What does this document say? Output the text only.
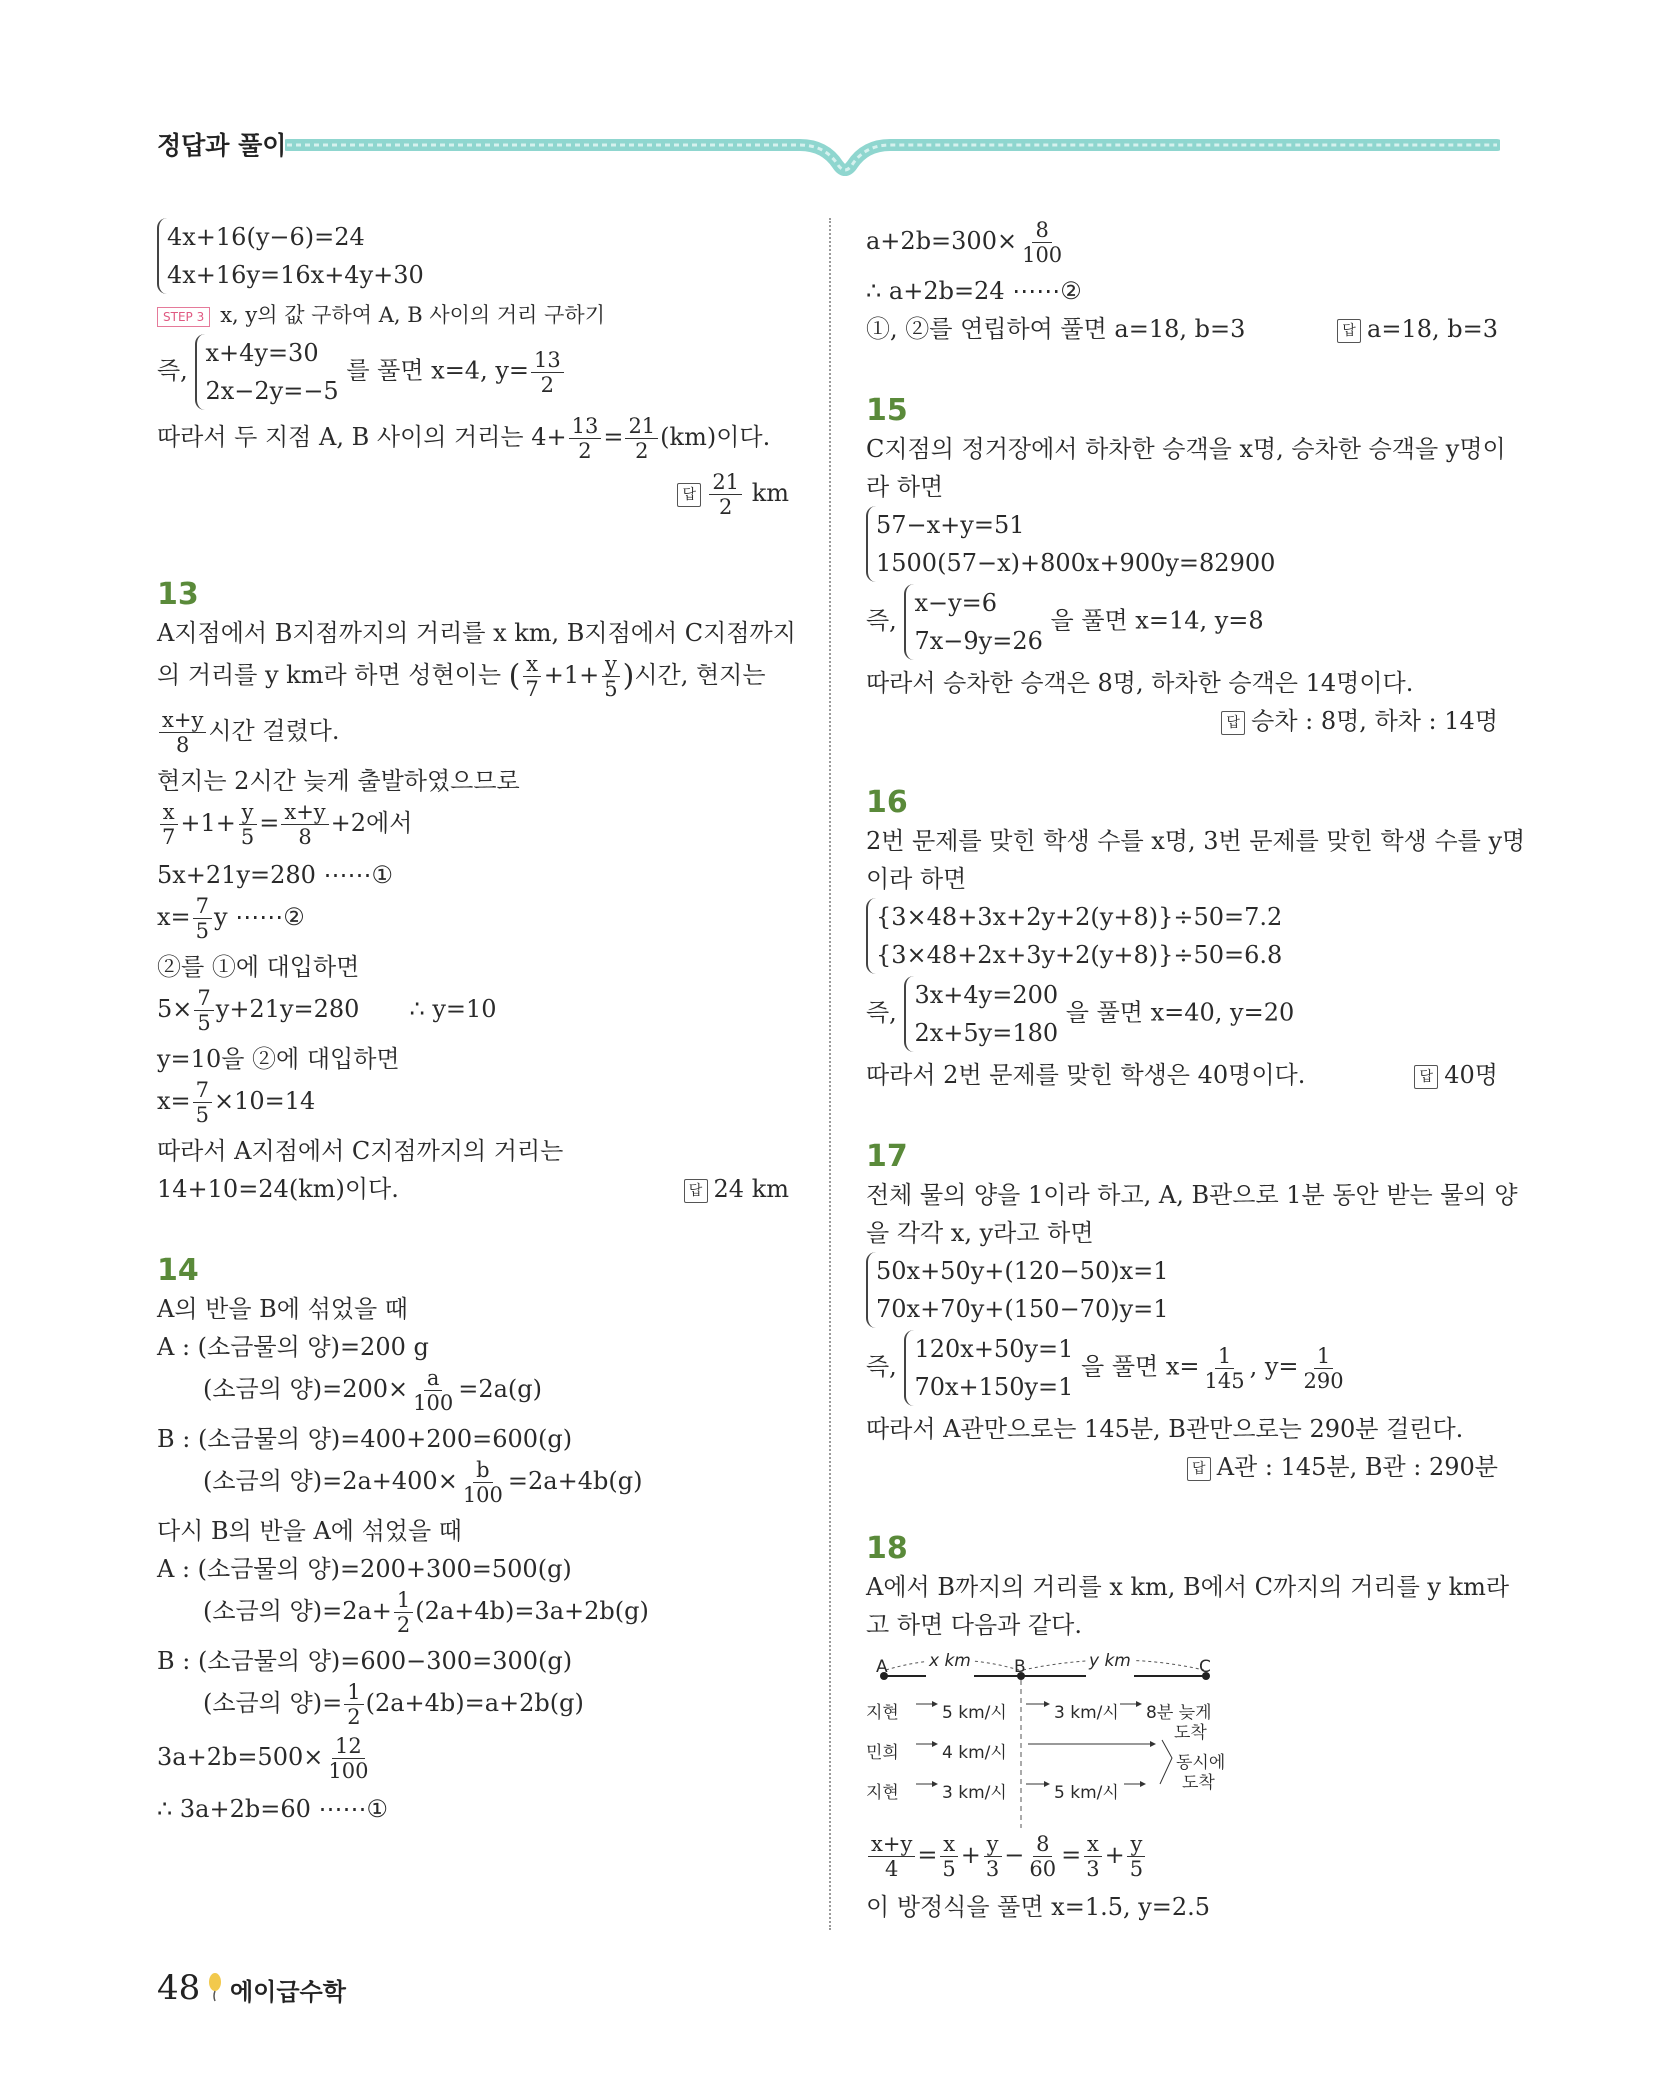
정답과 풀이
4x+16(y−6)=24
4x+16y=16x+4y+30
STEP 3 x, y의 값 구하여 A, B 사이의 거리 구하기
즉,
x+4y=30
2x−2y=−5
를 풀면 x=4, $y= \frac{13}{2}$
따라서 두 지점 A, B 사이의 거리는 $4+ \frac{13}{2} = \frac{21}{2} (km)$이다.
답 $\frac{21}{2}$ km
13
A지점에서 B지점까지의 거리를 x km, B지점에서 C지점까지
의 거리를 y km라 하면 성현이는 ( $\frac{x}{7} +1+ \frac{y}{5}$ )시간, 현지는
$\frac{x+y}{8}$ 시간 걸렸다.
현지는 2시간 늦게 출발하였으므로
$\frac{x}{7} +1+ \frac{y}{5} = \frac{x+y}{8} +2$에서
5x+21y=280 ⋯⋯①
$x= \frac{7}{5}$ y ⋯⋯②
②를 ①에 대입하면
$5\times \frac{7}{5} y+21y=280$ ∴ y=10
y=10을 ②에 대입하면
$x= \frac{7}{5} \times 10=14$
따라서 A지점에서 C지점까지의 거리는
14+10=24(km)이다.	답 24 km
14
A의 반을 B에 섞었을 때
A : (소금물의 양)=200 g
(소금의 양)$=200\times \frac{a}{100} =2a(g)$
B : (소금물의 양)=400+200=600(g)
(소금의 양)$=2a+400\times \frac{b}{100} =2a+4b(g)$
다시 B의 반을 A에 섞었을 때
A : (소금물의 양)=200+300=500(g)
(소금의 양)$=2a+ \frac{1}{2} (2a+4b)=3a+2b(g)$
B : (소금물의 양)=600−300=300(g)
(소금의 양)= $\frac{1}{2} (2a+4b)=a+2b(g)$
$3a+2b=500\times \frac{12}{100}$
∴ 3a+2b=60 ⋯⋯①
$a+2b=300\times \frac{8}{100}$
∴ a+2b=24 ⋯⋯②
①, ②를 연립하여 풀면 a=18, b=3	답 a=18, b=3
15
C지점의 정거장에서 하차한 승객을 x명, 승차한 승객을 y명이
라 하면
57−x+y=51
1500(57−x)+800x+900y=82900
즉,
x−y=6
7x−9y=26
을 풀면 x=14, y=8
따라서 승차한 승객은 8명, 하차한 승객은 14명이다.
답 승차 : 8명, 하차 : 14명
16
2번 문제를 맞힌 학생 수를 x명, 3번 문제를 맞힌 학생 수를 y명
이라 하면
{3×48+3x+2y+2(y+8)}÷50=7.2
{3×48+2x+3y+2(y+8)}÷50=6.8
즉,
3x+4y=200
2x+5y=180
을 풀면 x=40, y=20
따라서 2번 문제를 맞힌 학생은 40명이다.	답 40명
17
전체 물의 양을 1이라 하고, A, B관으로 1분 동안 받는 물의 양
을 각각 x, y라고 하면
50x+50y+(120−50)x=1
70x+70y+(150−70)y=1
즉,
120x+50y=1
70x+150y=1
을 풀면 $x= \frac{1}{145}$ , $y= \frac{1}{290}$
따라서 A관만으로는 145분, B관만으로는 290분 걸린다.
답 A관 : 145분, B관 : 290분
18
A에서 B까지의 거리를 x km, B에서 C까지의 거리를 y km라
고 하면 다음과 같다.
A	B	C
x km	y km
지현	5 km/시	3 km/시 8분 늦게
도착
민희	4 km/시
지현	3 km/시	5 km/시
동시에
도착
$\frac{x+y}{4} = \frac{x}{5} + \frac{y}{3} - \frac{8}{60} = \frac{x}{3} + \frac{y}{5}$
이 방정식을 풀면 x=1.5, y=2.5
48 에이급수학
